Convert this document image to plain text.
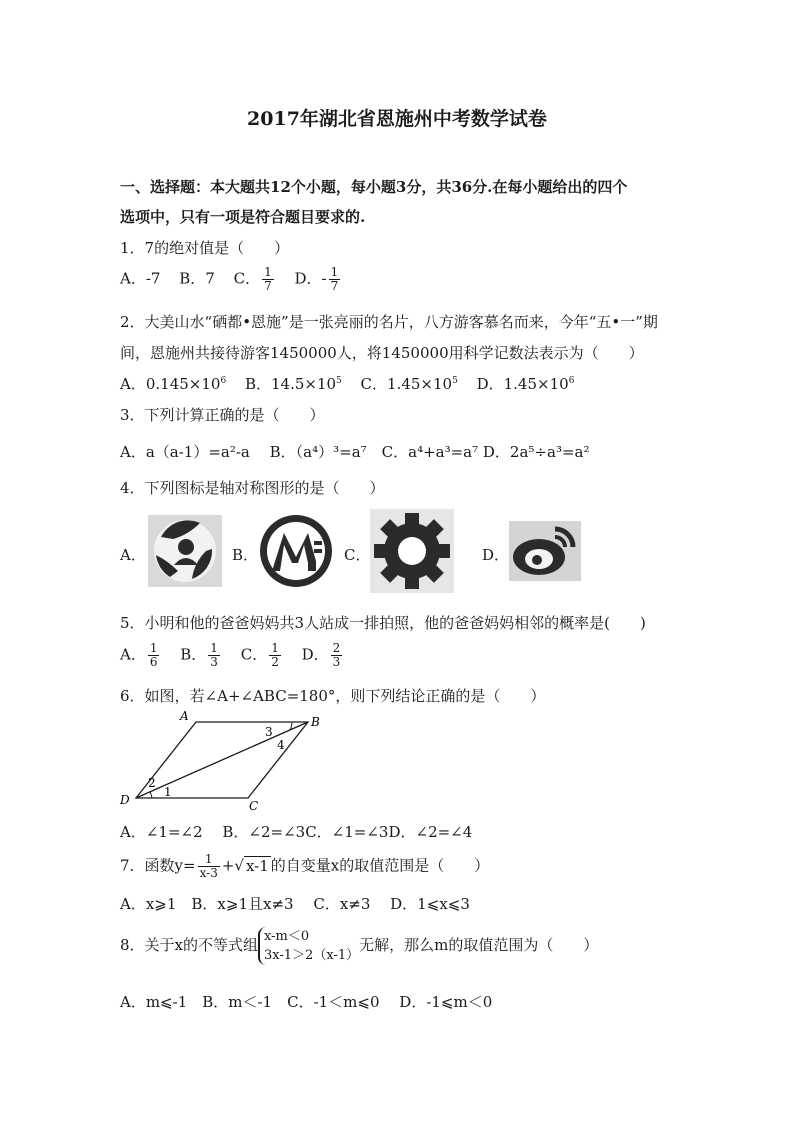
2017年湖北省恩施州中考数学试卷
一、选择题：本大题共12个小题，每小题3分，共36分.在每小题给出的四个
选项中，只有一项是符合题目要求的.
1．7的绝对值是（　　）
A．-7 B．7 C． $\frac{1}{7}$ D．- $\frac{1}{7}$
2．大美山水“硒都•恩施”是一张亮丽的名片，八方游客慕名而来，今年“五•一”期
间，恩施州共接待游客1450000人，将1450000用科学记数法表示为（　　）
A．$0.145\times 10^6$ B．$14.5\times 10^5$ C．$1.45\times 10^5$ D．$1.45\times 10^6$
3．下列计算正确的是（　　）
A．a（a-1）=a²-a　 B．（a⁴）³=a⁷　C．a⁴+a³=a⁷ D．2a⁵÷a³=a²
4．下列图标是轴对称图形的是（　　）
A．	B．	C．	D．
5．小明和他的爸爸妈妈共3人站成一排拍照，他的爸爸妈妈相邻的概率是(　　)
A． $\frac{1}{6}$ B． $\frac{1}{3}$ C． $\frac{1}{2}$ D． $\frac{2}{3}$
6．如图，若∠A+∠ABC=180°，则下列结论正确的是（　　）
A	B
C
D
1
2
3
4
A．∠1=∠2　 B．∠2=∠3C．∠1=∠3D．∠2=∠4
7．函数$y= \frac{1}{x-3}$ +√ x-1 的自变量x的取值范围是（　　）
A．x⩾1　B．x⩾1且x≠3　 C．x≠3　 D．1⩽x⩽3
8．关于x的不等式组 x-m＜0
3x-1＞2（x-1）无解，那么m的取值范围为（　　）
A．m⩽-1　B．m＜-1　C．-1＜m⩽0　 D．-1⩽m＜0
